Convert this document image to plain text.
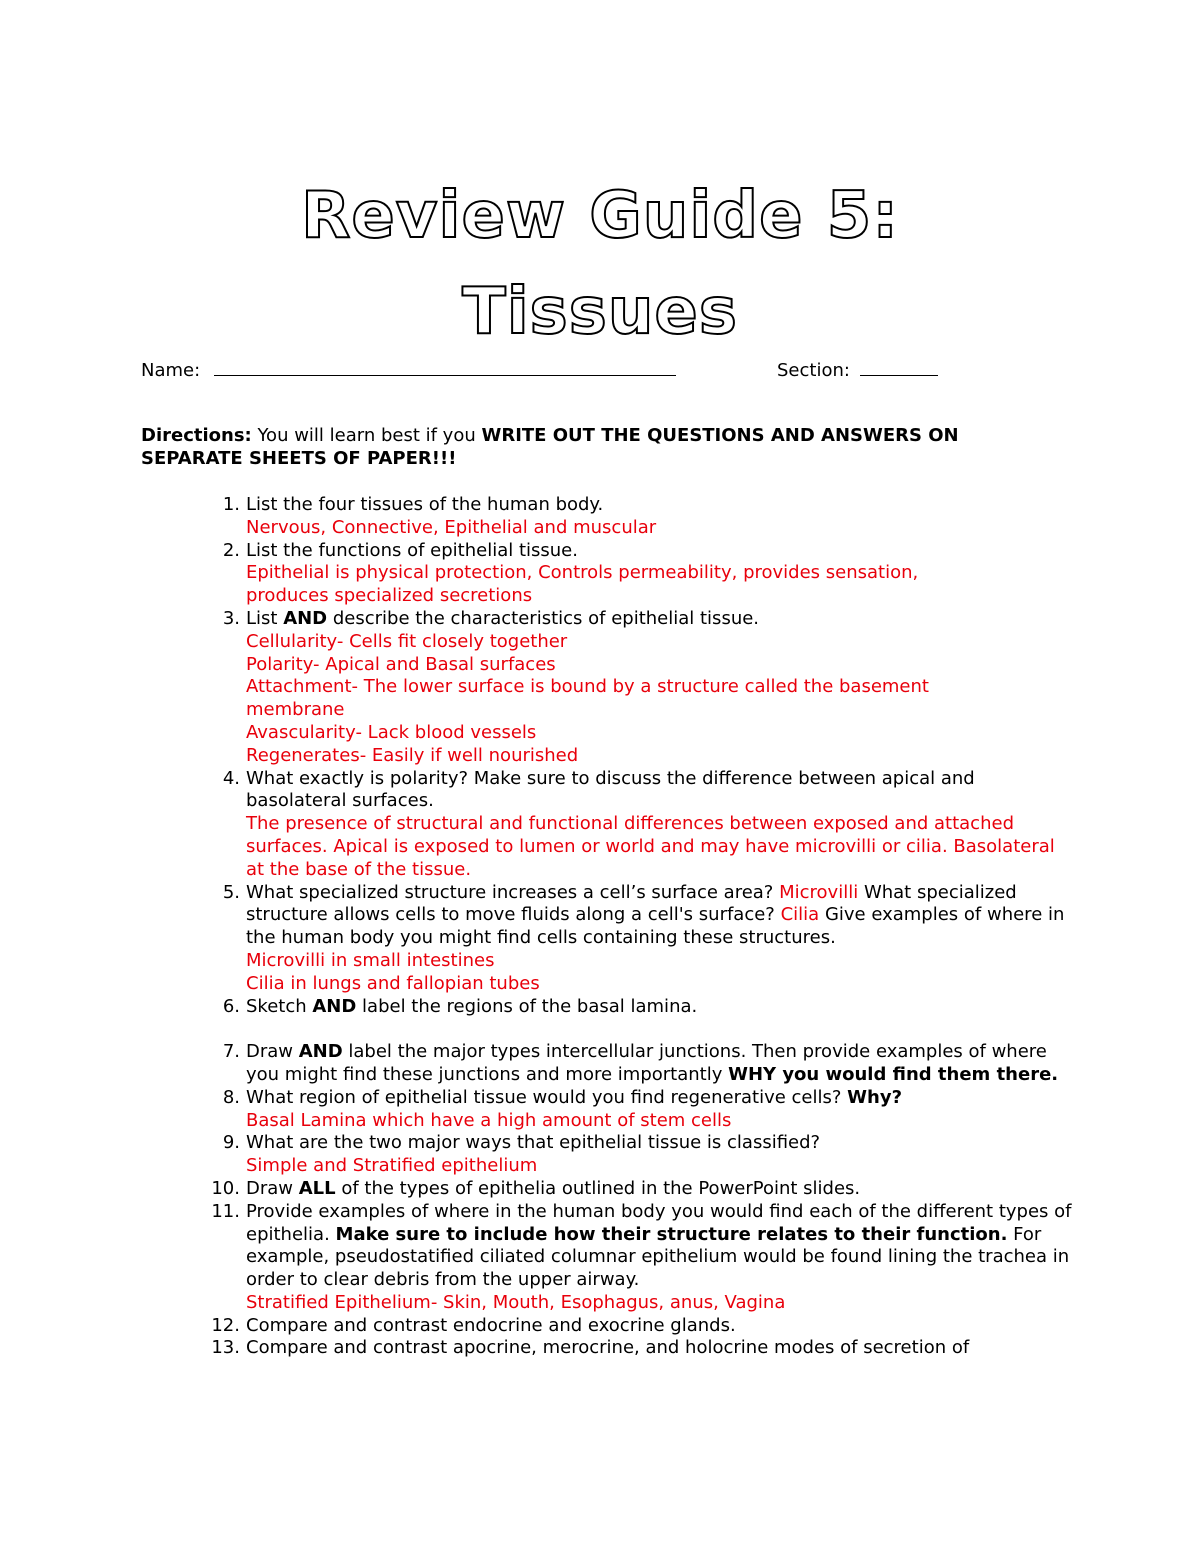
Review Guide 5:
Tissues
Name:	Section:
Directions: You will learn best if you WRITE OUT THE QUESTIONS AND ANSWERS ON SEPARATE SHEETS OF PAPER!!!
1. List the four tissues of the human body.
Nervous, Connective, Epithelial and muscular
2. List the functions of epithelial tissue.
Epithelial is physical protection, Controls permeability, provides sensation, produces specialized secretions
3. List AND describe the characteristics of epithelial tissue.
Cellularity- Cells fit closely together
Polarity- Apical and Basal surfaces
Attachment- The lower surface is bound by a structure called the basement membrane
Avascularity- Lack blood vessels
Regenerates- Easily if well nourished
4. What exactly is polarity? Make sure to discuss the difference between apical and basolateral surfaces.
The presence of structural and functional differences between exposed and attached surfaces. Apical is exposed to lumen or world and may have microvilli or cilia. Basolateral at the base of the tissue.
5. What specialized structure increases a cell’s surface area? Microvilli What specialized structure allows cells to move fluids along a cell's surface? Cilia Give examples of where in the human body you might find cells containing these structures.
Microvilli in small intestines
Cilia in lungs and fallopian tubes
6. Sketch AND label the regions of the basal lamina.
7. Draw AND label the major types intercellular junctions. Then provide examples of where you might find these junctions and more importantly WHY you would find them there.
8. What region of epithelial tissue would you find regenerative cells? Why?
Basal Lamina which have a high amount of stem cells
9. What are the two major ways that epithelial tissue is classified?
Simple and Stratified epithelium
10. Draw ALL of the types of epithelia outlined in the PowerPoint slides.
11. Provide examples of where in the human body you would find each of the different types of epithelia. Make sure to include how their structure relates to their function. For example, pseudostatified ciliated columnar epithelium would be found lining the trachea in order to clear debris from the upper airway.
Stratified Epithelium- Skin, Mouth, Esophagus, anus, Vagina
12. Compare and contrast endocrine and exocrine glands.
13. Compare and contrast apocrine, merocrine, and holocrine modes of secretion of
